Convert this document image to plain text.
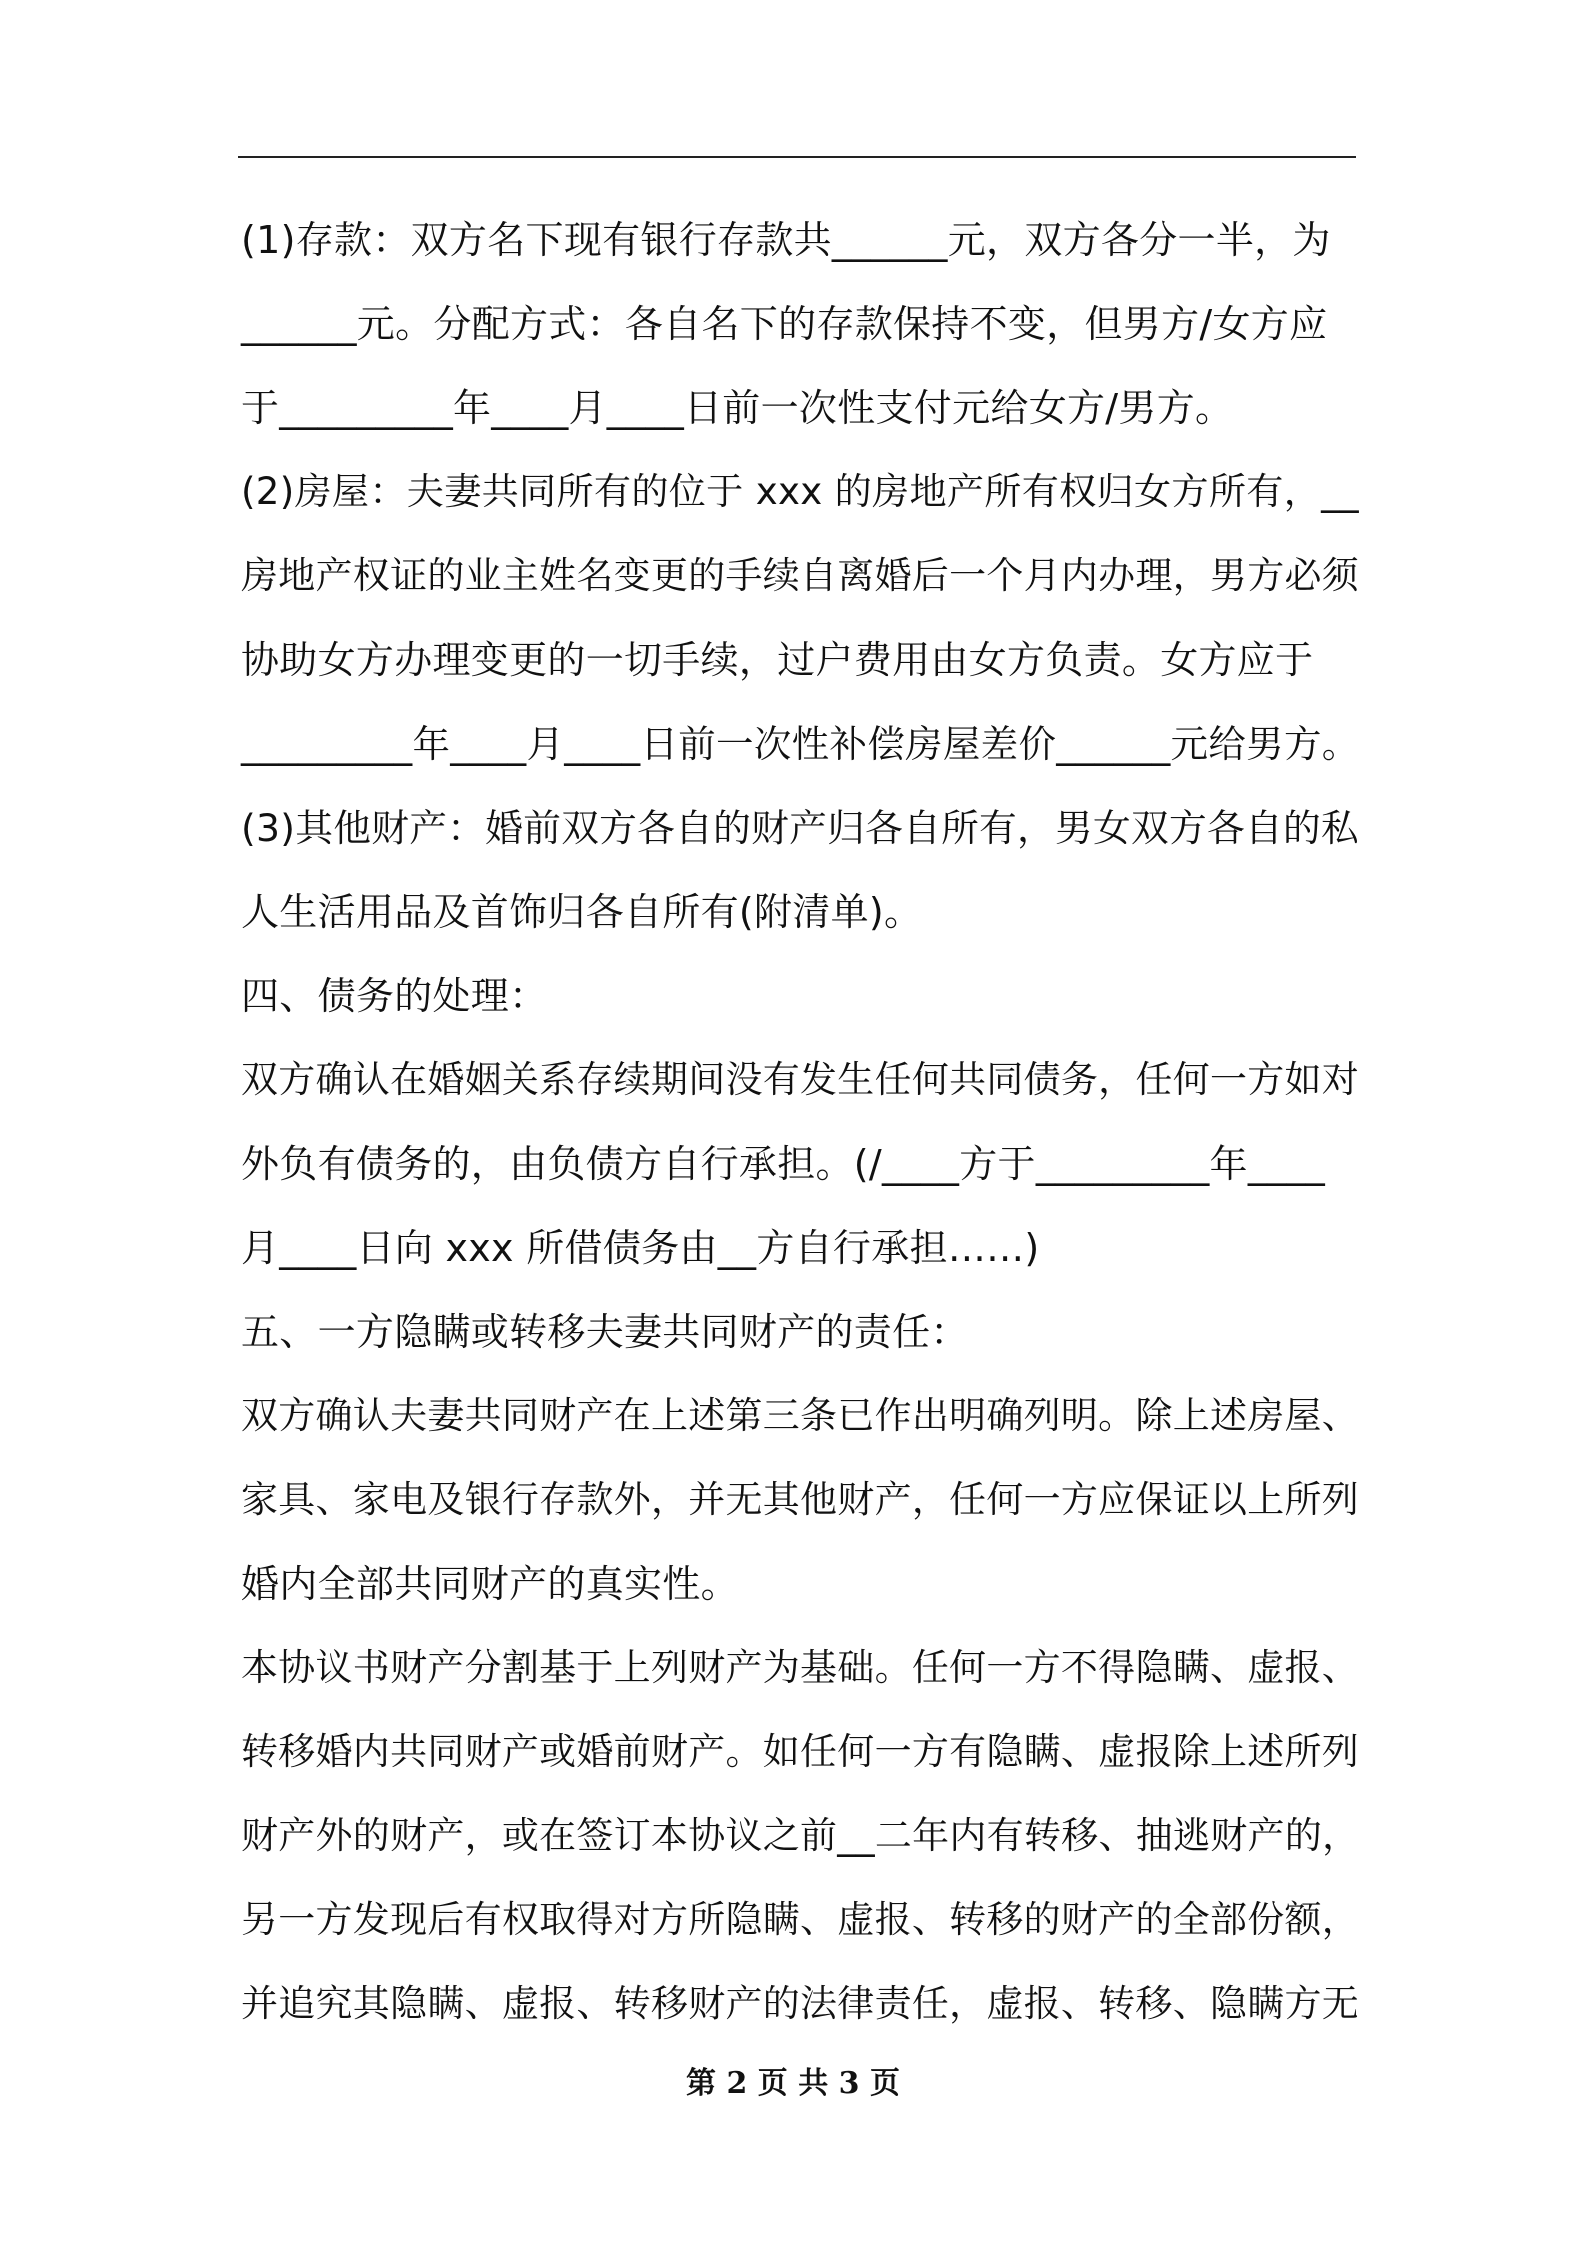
(1)存款：双方名下现有银行存款共______元，双方各分一半，为
______元。分配方式：各自名下的存款保持不变，但男方/女方应
于_________年____月____日前一次性支付元给女方/男方。
(2)房屋：夫妻共同所有的位于 xxx 的房地产所有权归女方所有，__
房地产权证的业主姓名变更的手续自离婚后一个月内办理，男方必须
协助女方办理变更的一切手续，过户费用由女方负责。女方应于
_________年____月____日前一次性补偿房屋差价______元给男方。
(3)其他财产：婚前双方各自的财产归各自所有，男女双方各自的私
人生活用品及首饰归各自所有(附清单)。
四、债务的处理：
双方确认在婚姻关系存续期间没有发生任何共同债务，任何一方如对
外负有债务的，由负债方自行承担。(/____方于_________年____
月____日向 xxx 所借债务由__方自行承担……)
五、一方隐瞒或转移夫妻共同财产的责任：
双方确认夫妻共同财产在上述第三条已作出明确列明。除上述房屋、
家具、家电及银行存款外，并无其他财产，任何一方应保证以上所列
婚内全部共同财产的真实性。
本协议书财产分割基于上列财产为基础。任何一方不得隐瞒、虚报、
转移婚内共同财产或婚前财产。如任何一方有隐瞒、虚报除上述所列
财产外的财产，或在签订本协议之前__二年内有转移、抽逃财产的，
另一方发现后有权取得对方所隐瞒、虚报、转移的财产的全部份额，
并追究其隐瞒、虚报、转移财产的法律责任，虚报、转移、隐瞒方无
第 2 页 共 3 页
